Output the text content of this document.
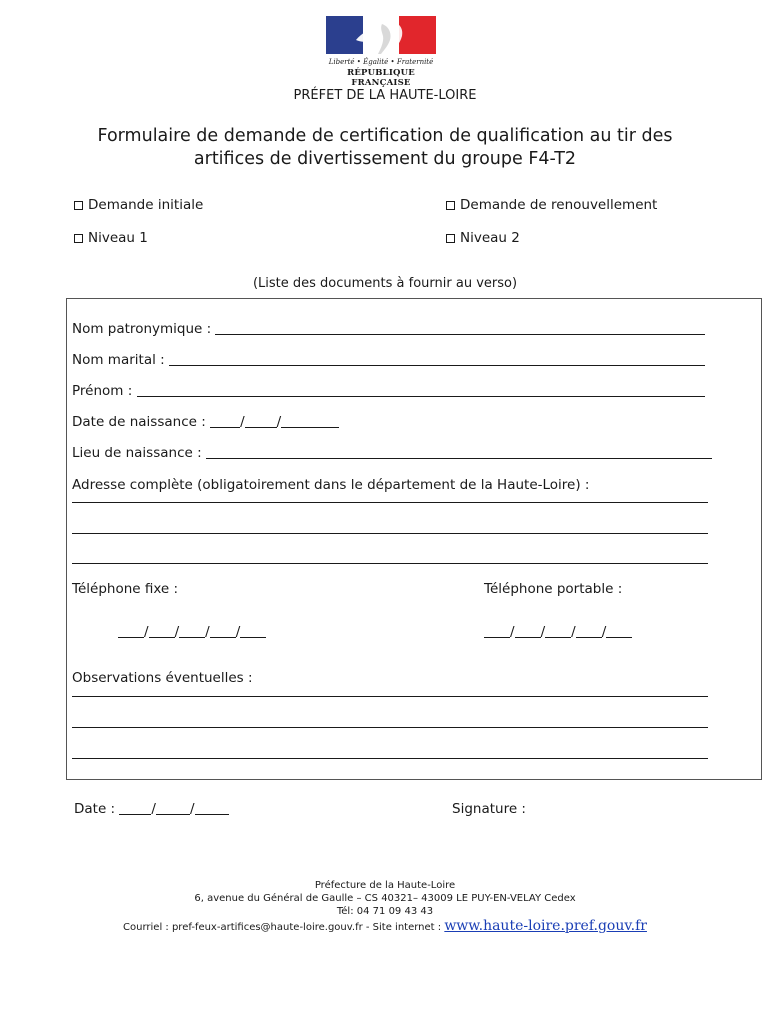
Liberté • Égalité • Fraternité
RÉPUBLIQUE FRANÇAISE
PRÉFET DE LA HAUTE-LOIRE
Formulaire de demande de certification de qualification au tir des
artifices de divertissement du groupe F4-T2
Demande initiale	Demande de renouvellement
Niveau 1	Niveau 2
(Liste des documents à fournir au verso)
Nom patronymique :
Nom marital :
Prénom :
Date de naissance :	/ /
Lieu de naissance :
Adresse complète (obligatoirement dans le département de la Haute-Loire) :
Téléphone fixe :	Téléphone portable :
/ / / /	/ / / /
Observations éventuelles :
Date :	/	/	Signature :
Préfecture de la Haute-Loire
6, avenue du Général de Gaulle – CS 40321– 43009 LE PUY-EN-VELAY Cedex
Tél: 04 71 09 43 43
Courriel : pref-feux-artifices@haute-loire.gouv.fr - Site internet : www.haute-loire.pref.gouv.fr
